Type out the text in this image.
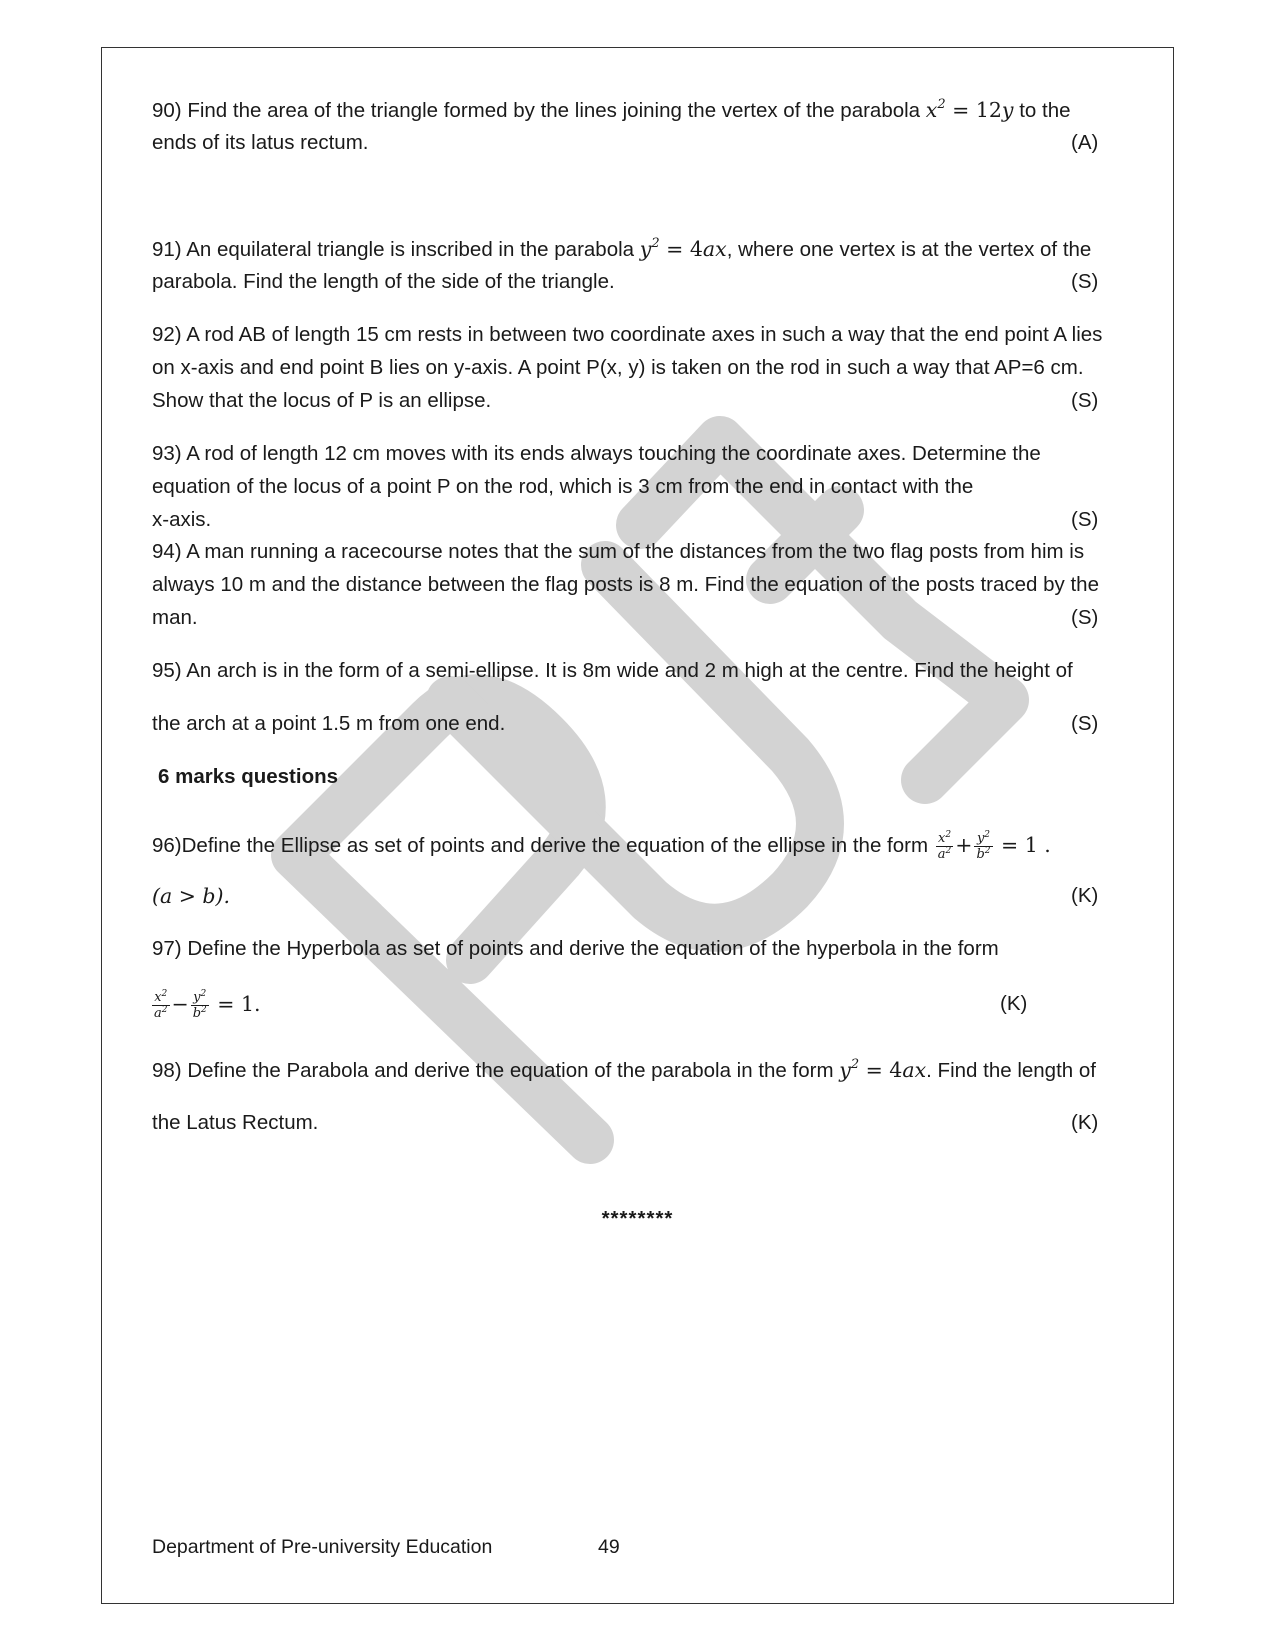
90) Find the area of the triangle formed by the lines joining the vertex of the parabola $x^2 = 12y$ to the
ends of its latus rectum.	(A)
91) An equilateral triangle is inscribed in the parabola $y^2 = 4ax$, where one vertex is at the vertex of the
parabola. Find the length of the side of the triangle.	(S)
92) A rod AB of length 15 cm rests in between two coordinate axes in such a way that the end point A lies
on x-axis and end point B lies on y-axis. A point P(x, y) is taken on the rod in such a way that AP=6 cm.
Show that the locus of P is an ellipse.	(S)
93) A rod of length 12 cm moves with its ends always touching the coordinate axes. Determine the
equation of the locus of a point P on the rod, which is 3 cm from the end in contact with the
x-axis.	(S)
94) A man running a racecourse notes that the sum of the distances from the two flag posts from him is
always 10 m and the distance between the flag posts is 8 m. Find the equation of the posts traced by the
man.	(S)
95) An arch is in the form of a semi-ellipse. It is 8m wide and 2 m high at the centre. Find the height of
the arch at a point 1.5 m from one end.	(S)
6 marks questions
96)Define the Ellipse as set of points and derive the equation of the ellipse in the form $\frac{x^2}{a^2} + \frac{y^2}{b^2} = 1$ .
(a > b).	(K)
97) Define the Hyperbola as set of points and derive the equation of the hyperbola in the form
$\frac{x^2}{a^2} - \frac{y^2}{b^2} = 1$.	(K)
98) Define the Parabola and derive the equation of the parabola in the form $y^2 = 4ax$. Find the length of
the Latus Rectum.	(K)
********
Department of Pre-university Education	49
